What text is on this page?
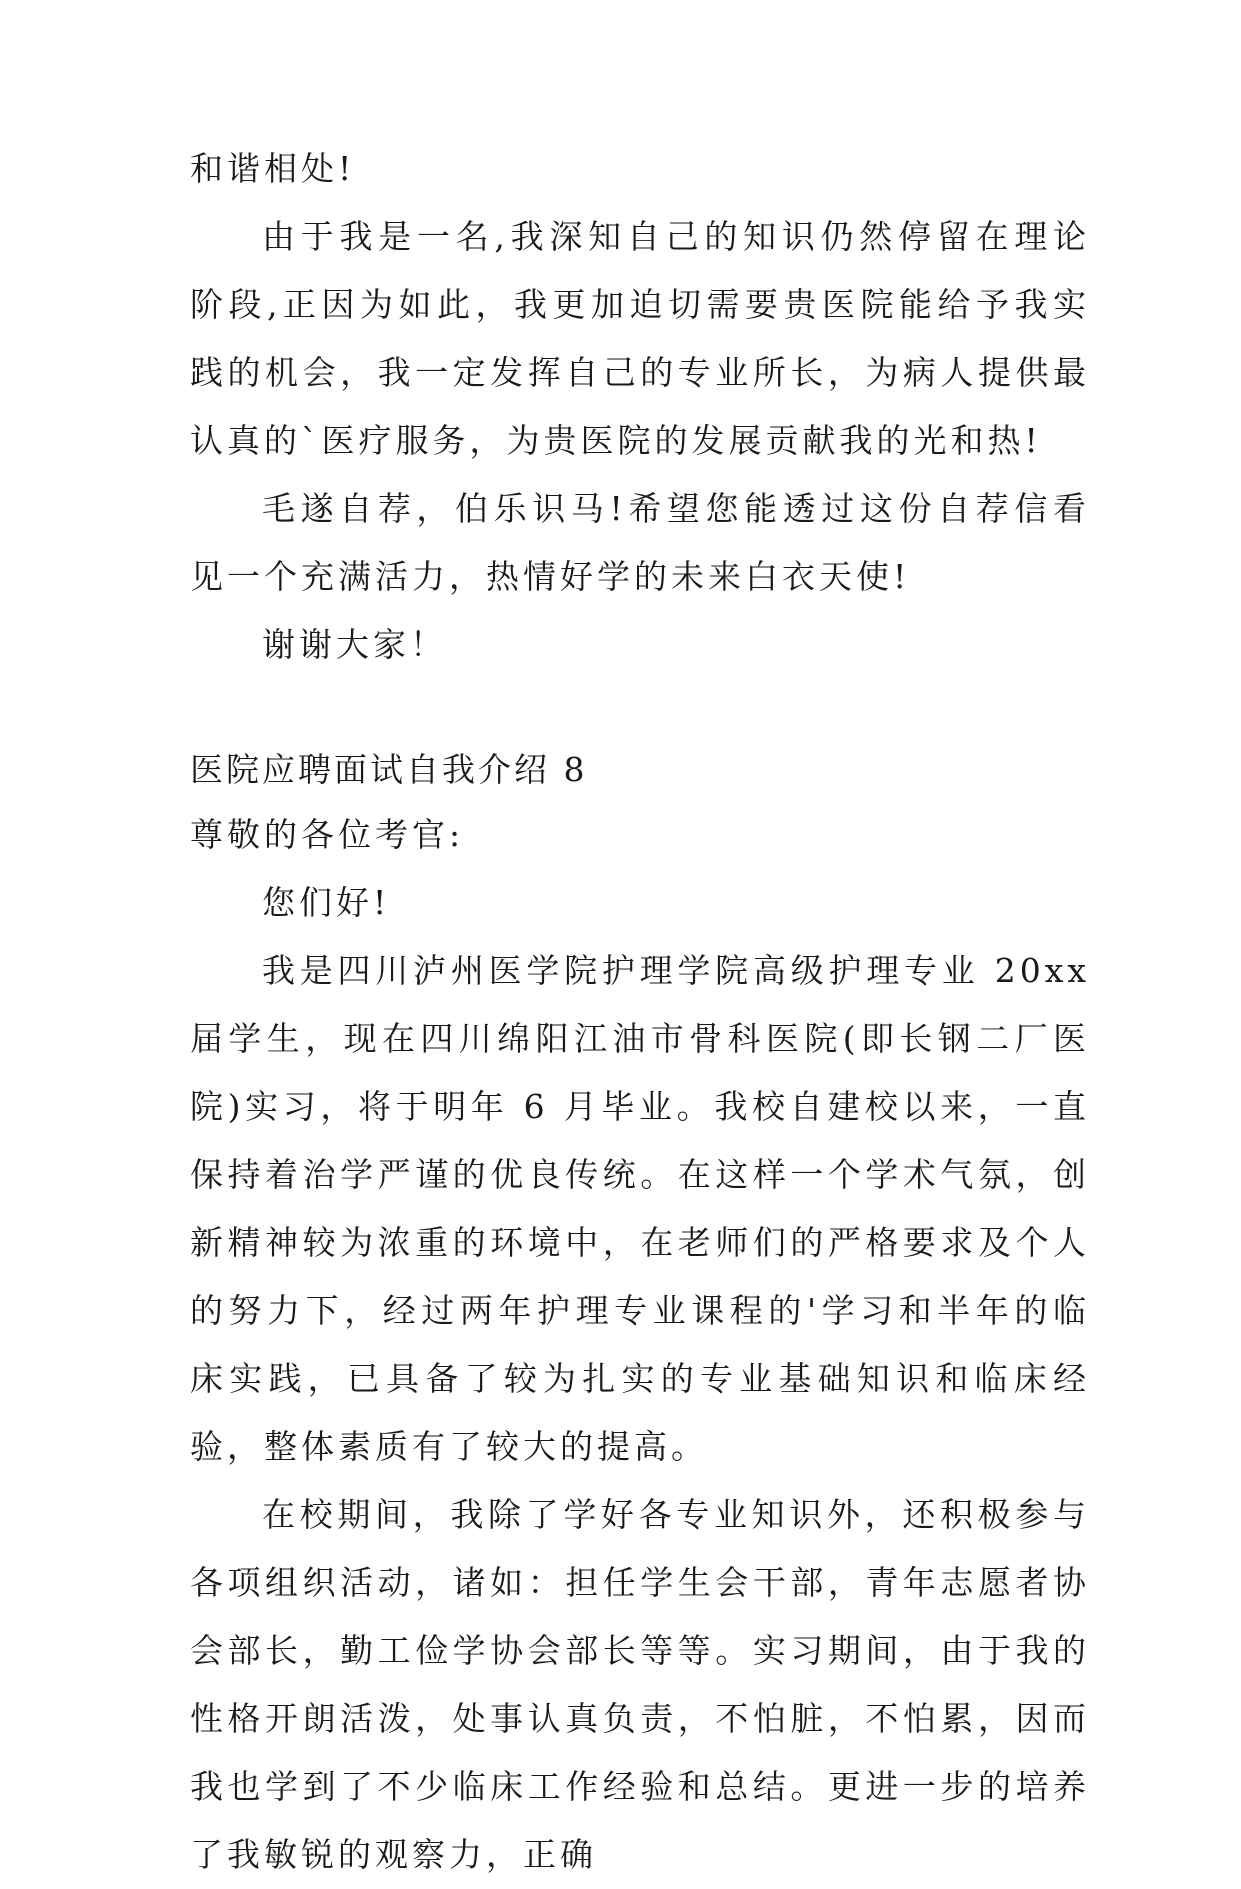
和谐相处!

由于我是一名,我深知自己的知识仍然停留在理论阶段,正因为如此，我更加迫切需要贵医院能给予我实践的机会，我一定发挥自己的专业所长，为病人提供最认真的`医疗服务，为贵医院的发展贡献我的光和热!

毛遂自荐，伯乐识马!希望您能透过这份自荐信看见一个充满活力，热情好学的未来白衣天使!

谢谢大家！

医院应聘面试自我介绍 8

尊敬的各位考官:

您们好!

我是四川泸州医学院护理学院高级护理专业 20xx 届学生，现在四川绵阳江油市骨科医院(即长钢二厂医院)实习，将于明年 6 月毕业。我校自建校以来，一直保持着治学严谨的优良传统。在这样一个学术气氛，创新精神较为浓重的环境中，在老师们的严格要求及个人的努力下，经过两年护理专业课程的'学习和半年的临床实践，已具备了较为扎实的专业基础知识和临床经验，整体素质有了较大的提高。

在校期间，我除了学好各专业知识外，还积极参与各项组织活动，诸如：担任学生会干部，青年志愿者协会部长，勤工俭学协会部长等等。实习期间，由于我的性格开朗活泼，处事认真负责，不怕脏，不怕累，因而我也学到了不少临床工作经验和总结。更进一步的培养了我敏锐的观察力，正确
